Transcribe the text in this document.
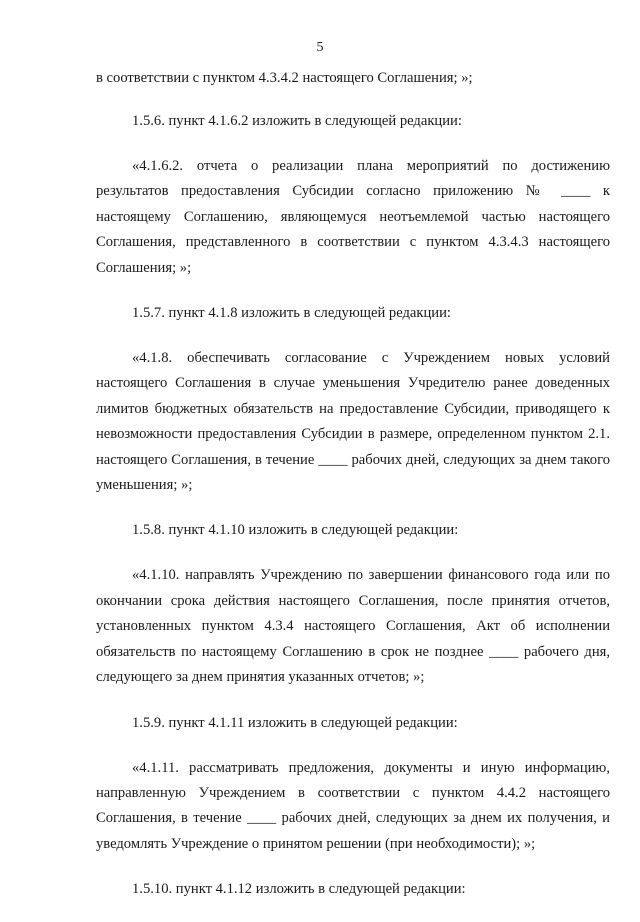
5

в соответствии с пунктом 4.3.4.2 настоящего Соглашения; »;

1.5.6. пункт 4.1.6.2 изложить в следующей редакции:

«4.1.6.2. отчета о реализации плана мероприятий по достижению результатов предоставления Субсидии согласно приложению № ____ к настоящему Соглашению, являющемуся неотъемлемой частью настоящего Соглашения, представленного в соответствии с пунктом 4.3.4.3 настоящего Соглашения; »;

1.5.7. пункт 4.1.8 изложить в следующей редакции:

«4.1.8. обеспечивать согласование с Учреждением новых условий настоящего Соглашения в случае уменьшения Учредителю ранее доведенных лимитов бюджетных обязательств на предоставление Субсидии, приводящего к невозможности предоставления Субсидии в размере, определенном пунктом 2.1. настоящего Соглашения, в течение ____ рабочих дней, следующих за днем такого уменьшения; »;

1.5.8. пункт 4.1.10 изложить в следующей редакции:

«4.1.10. направлять Учреждению по завершении финансового года или по окончании срока действия настоящего Соглашения, после принятия отчетов, установленных пунктом 4.3.4 настоящего Соглашения, Акт об исполнении обязательств по настоящему Соглашению в срок не позднее ____ рабочего дня, следующего за днем принятия указанных отчетов; »;

1.5.9. пункт 4.1.11 изложить в следующей редакции:

«4.1.11. рассматривать предложения, документы и иную информацию, направленную Учреждением в соответствии с пунктом 4.4.2 настоящего Соглашения, в течение ____ рабочих дней, следующих за днем их получения, и уведомлять Учреждение о принятом решении (при необходимости); »;

1.5.10. пункт 4.1.12 изложить в следующей редакции:
